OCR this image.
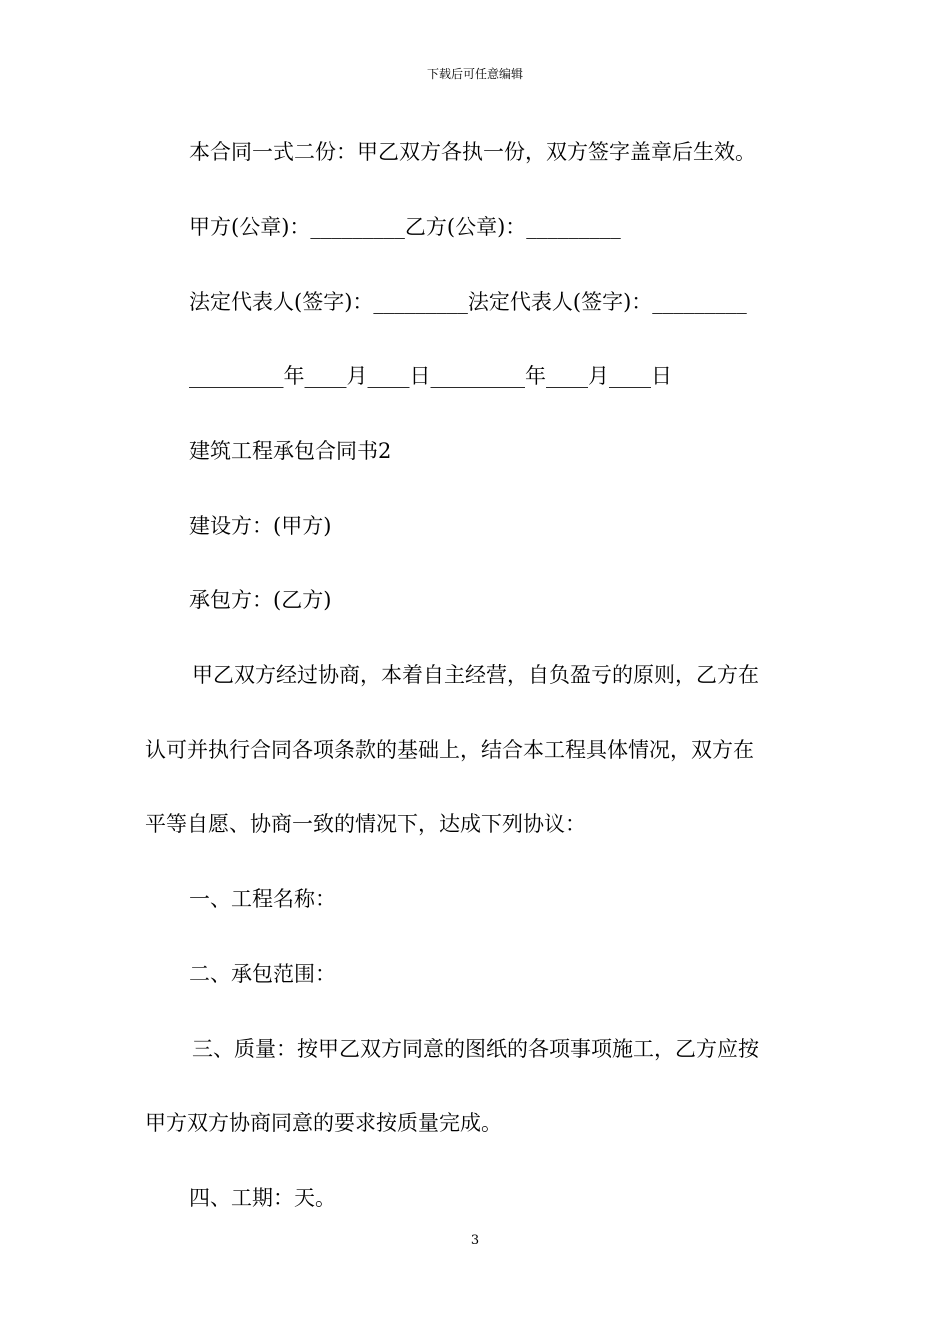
下载后可任意编辑
本合同一式二份：甲乙双方各执一份，双方签字盖章后生效。
甲方(公章)：_________乙方(公章)：_________
法定代表人(签字)：_________法定代表人(签字)：_________
_________年____月____日_________年____月____日
建筑工程承包合同书2
建设方：(甲方)
承包方：(乙方)
甲乙双方经过协商，本着自主经营，自负盈亏的原则，乙方在
认可并执行合同各项条款的基础上，结合本工程具体情况，双方在
平等自愿、协商一致的情况下，达成下列协议：
一、工程名称：
二、承包范围：
三、质量：按甲乙双方同意的图纸的各项事项施工，乙方应按
甲方双方协商同意的要求按质量完成。
四、工期：天。
3
